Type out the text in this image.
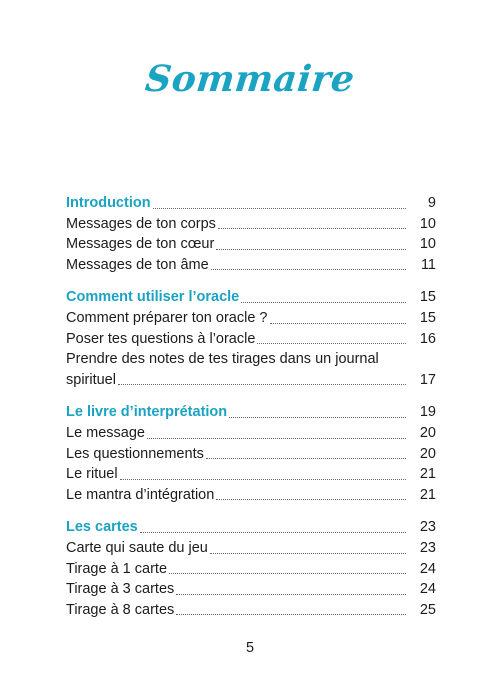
Sommaire
Introduction	9
Messages de ton corps	10
Messages de ton cœur	10
Messages de ton âme	11
Comment utiliser l’oracle	15
Comment préparer ton oracle ?	15
Poser tes questions à l’oracle	16
Prendre des notes de tes tirages dans un journal
spirituel	17
Le livre d’interprétation	19
Le message	20
Les questionnements	20
Le rituel	21
Le mantra d’intégration	21
Les cartes	23
Carte qui saute du jeu	23
Tirage à 1 carte	24
Tirage à 3 cartes	24
Tirage à 8 cartes	25
5
